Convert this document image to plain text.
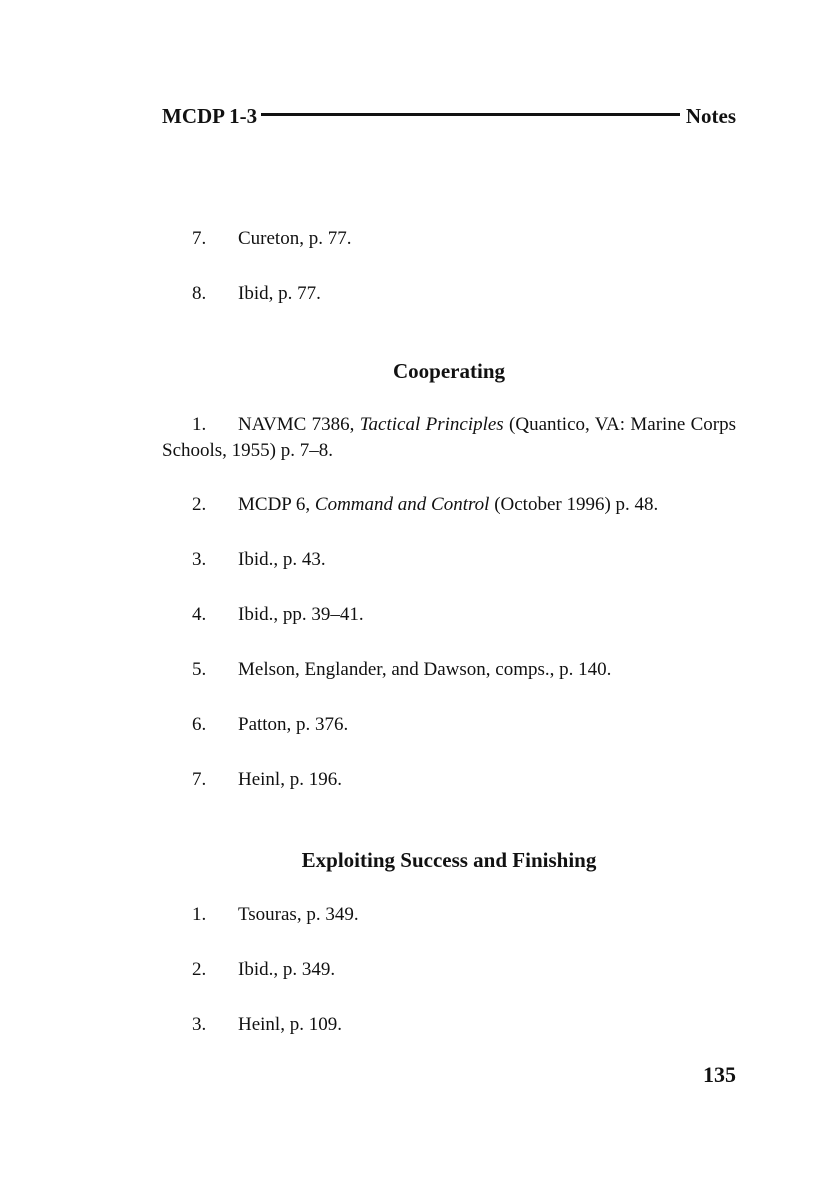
MCDP 1-3	Notes
7.	Cureton, p. 77.
8.	Ibid, p. 77.
Cooperating
1. NAVMC 7386, Tactical Principles (Quantico, VA: Marine Corps Schools, 1955) p. 7–8.
2.	MCDP 6, Command and Control (October 1996) p. 48.
3.	Ibid., p. 43.
4.	Ibid., pp. 39–41.
5.	Melson, Englander, and Dawson, comps., p. 140.
6.	Patton, p. 376.
7.	Heinl, p. 196.
Exploiting Success and Finishing
1.	Tsouras, p. 349.
2.	Ibid., p. 349.
3.	Heinl, p. 109.
135
